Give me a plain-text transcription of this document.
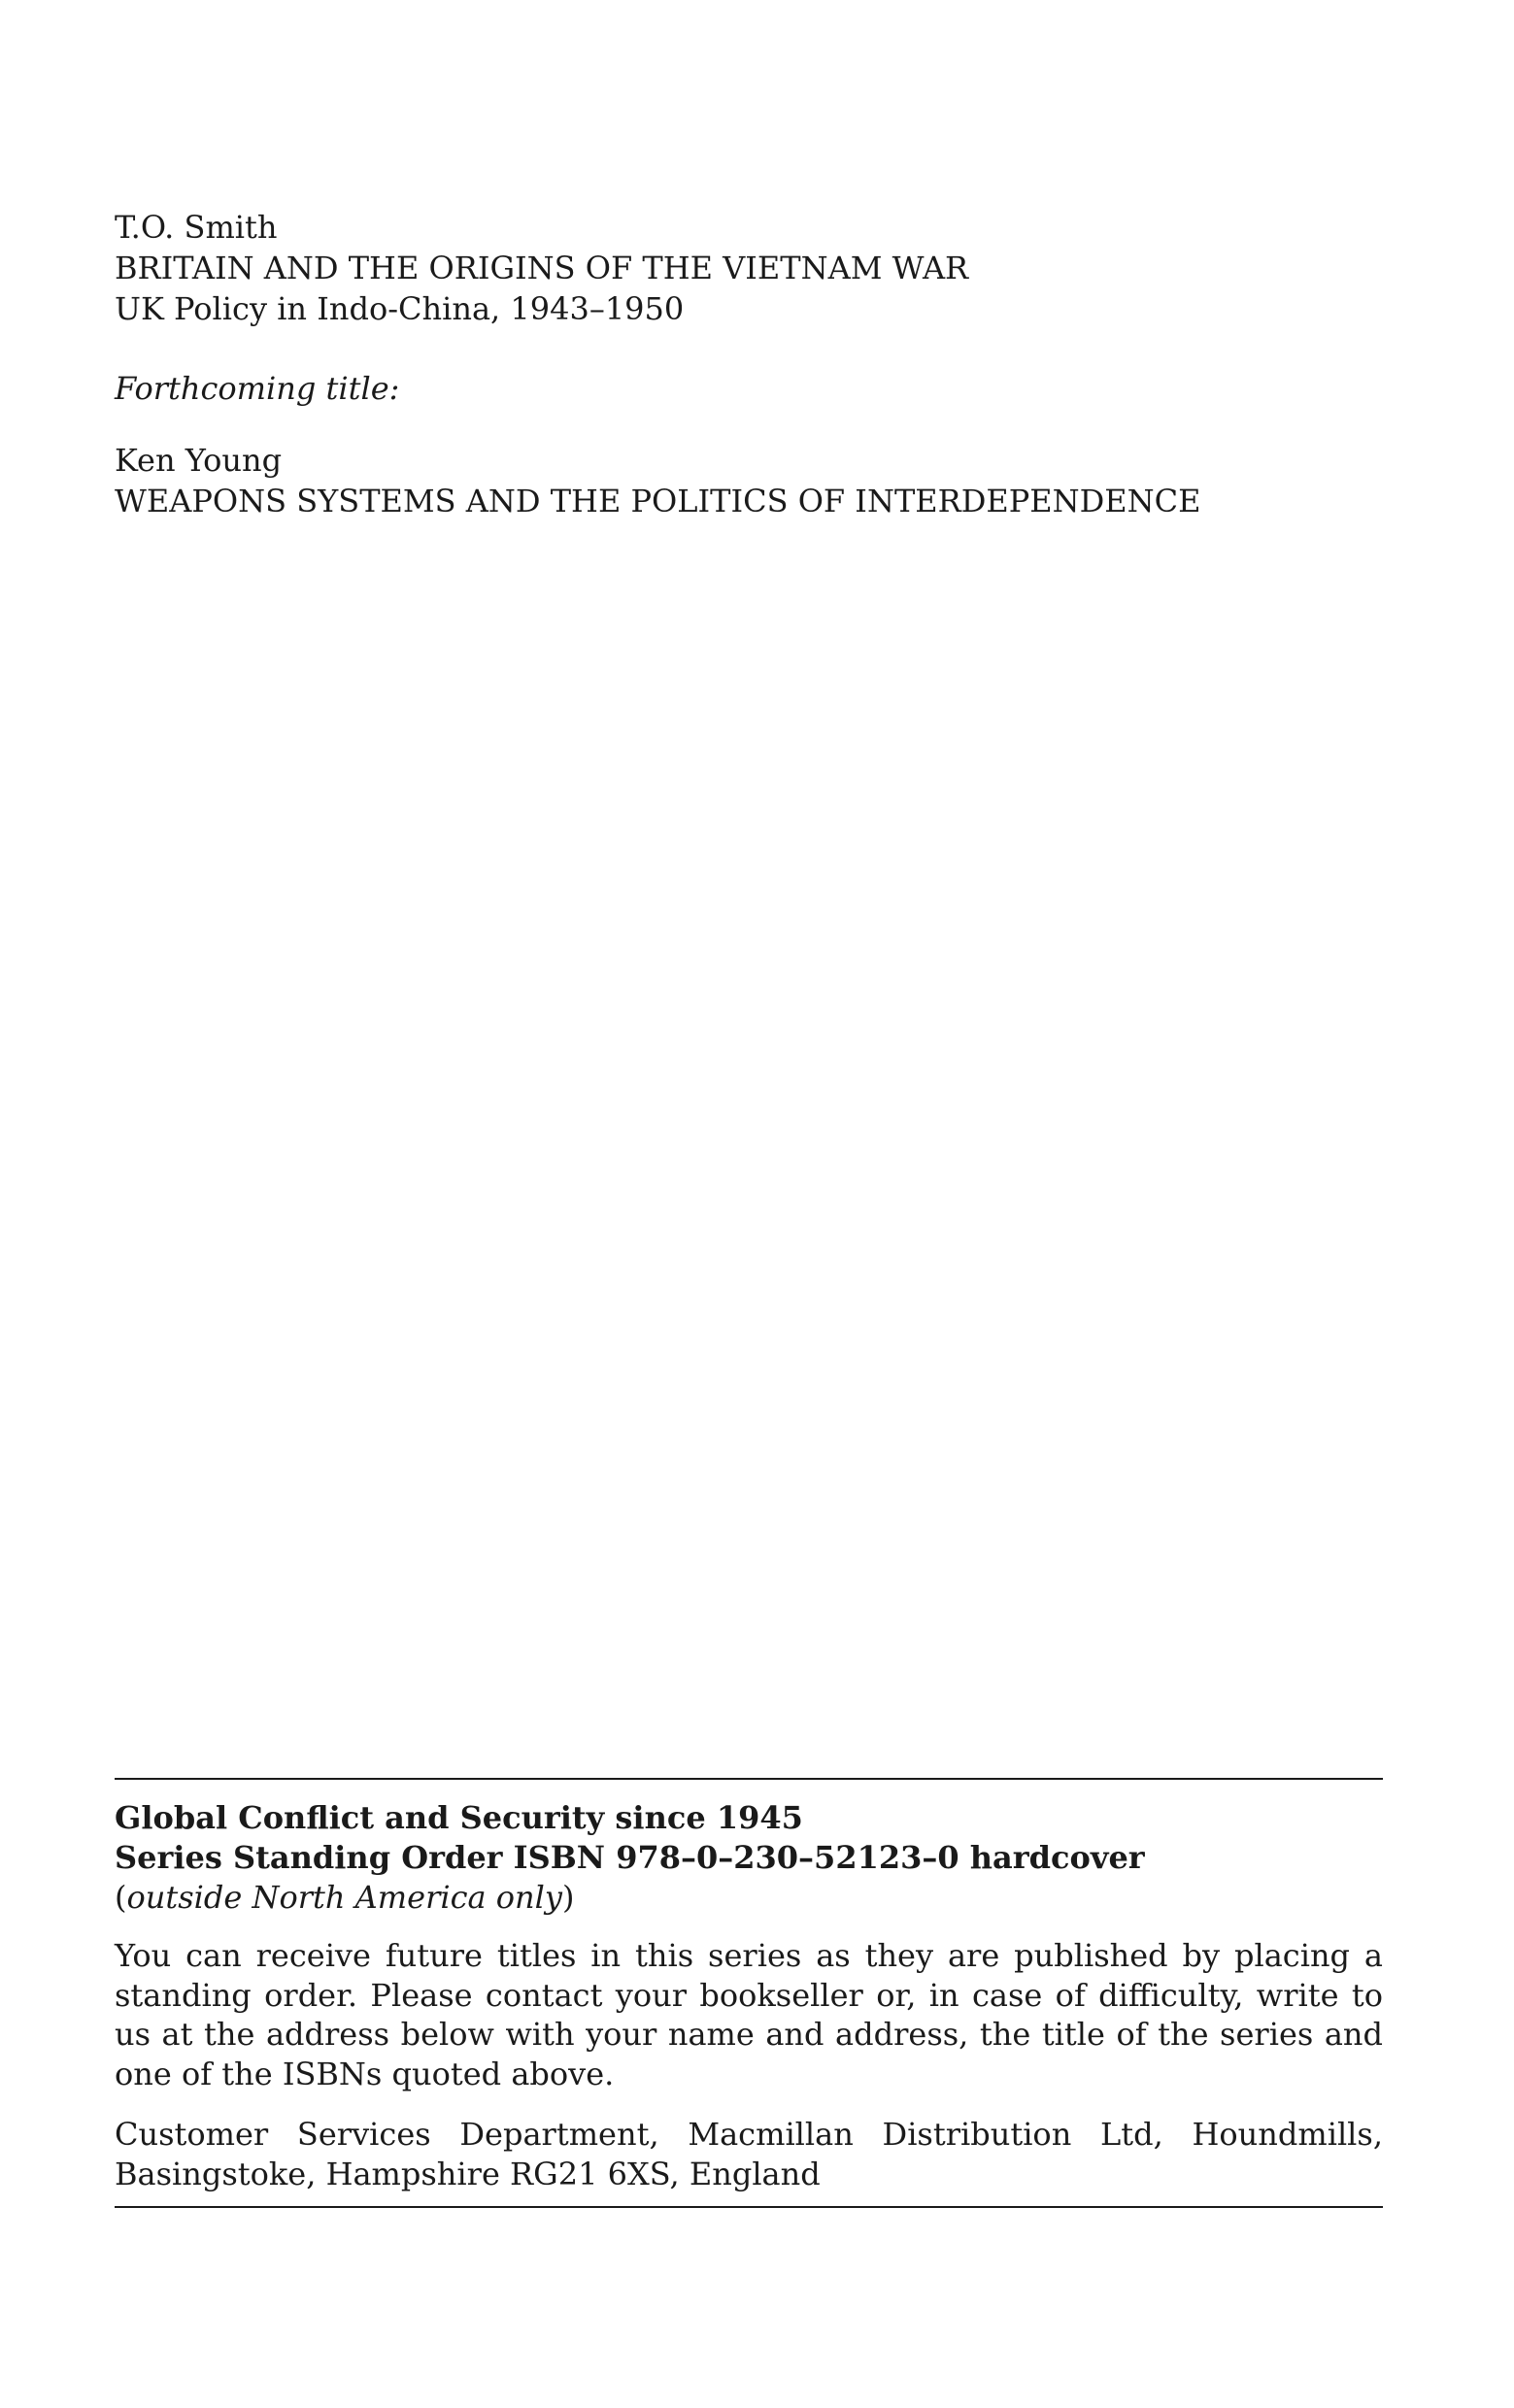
T.O. Smith
BRITAIN AND THE ORIGINS OF THE VIETNAM WAR
UK Policy in Indo-China, 1943–1950
Forthcoming title:
Ken Young
WEAPONS SYSTEMS AND THE POLITICS OF INTERDEPENDENCE
Global Conflict and Security since 1945
Series Standing Order ISBN 978–0–230–52123–0 hardcover
(outside North America only)
You can receive future titles in this series as they are published by placing a standing order. Please contact your bookseller or, in case of difficulty, write to us at the address below with your name and address, the title of the series and one of the ISBNs quoted above.
Customer Services Department, Macmillan Distribution Ltd, Houndmills, Basingstoke, Hampshire RG21 6XS, England
